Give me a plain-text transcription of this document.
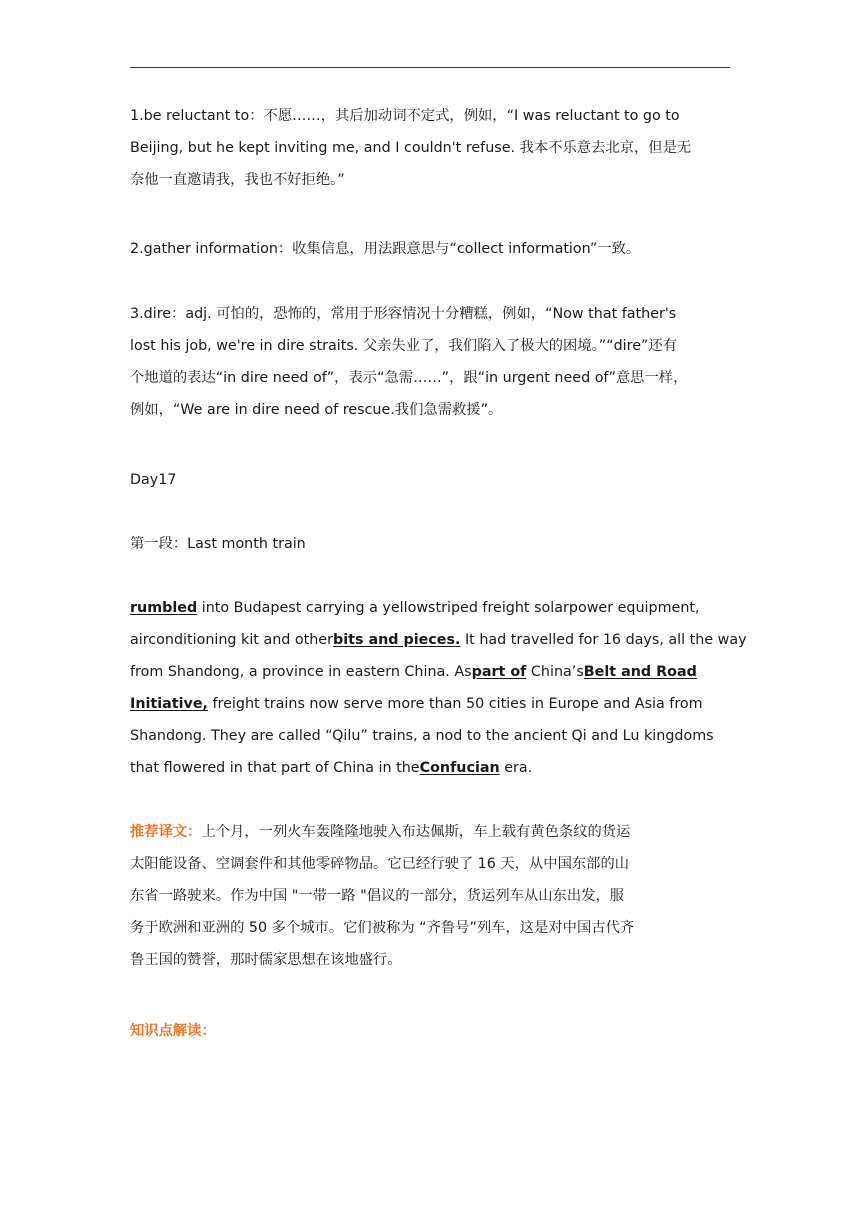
1.be reluctant to：不愿……，其后加动词不定式，例如，“I was reluctant to go to
Beijing, but he kept inviting me, and I couldn't refuse. 我本不乐意去北京，但是无
奈他一直邀请我，我也不好拒绝。”
2.gather information：收集信息，用法跟意思与“collect information”一致。
3.dire：adj. 可怕的，恐怖的，常用于形容情况十分糟糕，例如，“Now that father's
lost his job, we're in dire straits. 父亲失业了，我们陷入了极大的困境。”“dire”还有
个地道的表达“in dire need of”，表示“急需……”，跟“in urgent need of”意思一样，
例如，“We are in dire need of rescue.我们急需救援”。
Day17
第一段：Last month train
rumbled into Budapest carrying a yellowstriped freight solarpower equipment,
airconditioning kit and otherbits and pieces. It had travelled for 16 days, all the way
from Shandong, a province in eastern China. Aspart of China’sBelt and Road
Initiative, freight trains now serve more than 50 cities in Europe and Asia from
Shandong. They are called “Qilu” trains, a nod to the ancient Qi and Lu kingdoms
that flowered in that part of China in theConfucian era.
推荐译文：上个月，一列火车轰隆隆地驶入布达佩斯，车上载有黄色条纹的货运
太阳能设备、空调套件和其他零碎物品。它已经行驶了 16 天，从中国东部的山
东省一路驶来。作为中国 "一带一路 "倡议的一部分，货运列车从山东出发，服
务于欧洲和亚洲的 50 多个城市。它们被称为 “齐鲁号”列车，这是对中国古代齐
鲁王国的赞誉，那时儒家思想在该地盛行。
知识点解读：
